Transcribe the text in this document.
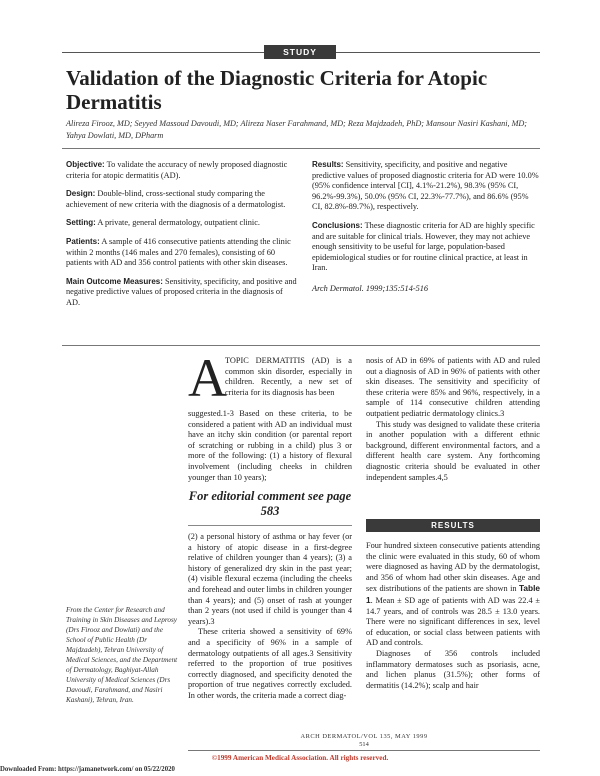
STUDY
Validation of the Diagnostic Criteria for Atopic Dermatitis
Alireza Firooz, MD; Seyyed Massoud Davoudi, MD; Alireza Naser Farahmand, MD; Reza Majdzadeh, PhD; Mansour Nasiri Kashani, MD; Yahya Dowlati, MD, DPharm

Objective: To validate the accuracy of newly proposed diagnostic criteria for atopic dermatitis (AD).

Design: Double-blind, cross-sectional study comparing the achievement of new criteria with the diagnosis of a dermatologist.

Setting: A private, general dermatology, outpatient clinic.

Patients: A sample of 416 consecutive patients attending the clinic within 2 months (146 males and 270 females), consisting of 60 patients with AD and 356 control patients with other skin diseases.

Main Outcome Measures: Sensitivity, specificity, and positive and negative predictive values of proposed criteria in the diagnosis of AD.

Results: Sensitivity, specificity, and positive and negative predictive values of proposed diagnostic criteria for AD were 10.0% (95% confidence interval [CI], 4.1%-21.2%), 98.3% (95% CI, 96.2%-99.3%), 50.0% (95% CI, 22.3%-77.7%), and 86.6% (95% CI, 82.8%-89.7%), respectively.

Conclusions: These diagnostic criteria for AD are highly specific and are suitable for clinical trials. However, they may not achieve enough sensitivity to be useful for large, population-based epidemiological studies or for routine clinical practice, at least in Iran.

Arch Dermatol. 1999;135:514-516

A
TOPIC DERMATITIS (AD) is a common skin disorder, especially in children. Recently, a new set of criteria for its diagnosis has been
suggested.1-3 Based on these criteria, to be considered a patient with AD an individual must have an itchy skin condition (or parental report of scratching or rubbing in a child) plus 3 or more of the following: (1) a history of flexural involvement (including cheeks in children younger than 10 years);
For editorial comment see page 583

(2) a personal history of asthma or hay fever (or a history of atopic disease in a first-degree relative of children younger than 4 years); (3) a history of generalized dry skin in the past year; (4) visible flexural eczema (including the cheeks and forehead and outer limbs in children younger than 4 years); and (5) onset of rash at younger than 2 years (not used if child is younger than 4 years).3

These criteria showed a sensitivity of 69% and a specificity of 96% in a sample of dermatology outpatients of all ages.3 Sensitivity referred to the proportion of true positives correctly diagnosed, and specificity denoted the proportion of true negatives correctly excluded. In other words, the criteria made a correct diag-

nosis of AD in 69% of patients with AD and ruled out a diagnosis of AD in 96% of patients with other skin diseases. The sensitivity and specificity of these criteria were 85% and 96%, respectively, in a sample of 114 consecutive children attending outpatient pediatric dermatology clinics.3

This study was designed to validate these criteria in another population with a different ethnic background, different environmental factors, and a different health care system. Any forthcoming diagnostic criteria should be evaluated in other independent samples.4,5

RESULTS

Four hundred sixteen consecutive patients attending the clinic were evaluated in this study, 60 of whom were diagnosed as having AD by the dermatologist, and 356 of whom had other skin diseases. Age and sex distributions of the patients are shown in Table 1. Mean ± SD age of patients with AD was 22.4 ± 14.7 years, and of controls was 28.5 ± 13.0 years. There were no significant differences in sex, level of education, or social class between patients with AD and controls.

Diagnoses of 356 controls included inflammatory dermatoses such as psoriasis, acne, and lichen planus (31.5%); other forms of dermatitis (14.2%); scalp and hair

From the Center for Research and Training in Skin Diseases and Leprosy (Drs Firooz and Dowlati) and the School of Public Health (Dr Majdzadeh), Tehran University of Medical Sciences, and the Department of Dermatology, Baghiyat-Allah University of Medical Sciences (Drs Davoudi, Farahmand, and Nasiri Kashani), Tehran, Iran.
ARCH DERMATOL/VOL 135, MAY 1999
514
©1999 American Medical Association. All rights reserved.
Downloaded From: https://jamanetwork.com/ on 05/22/2020
